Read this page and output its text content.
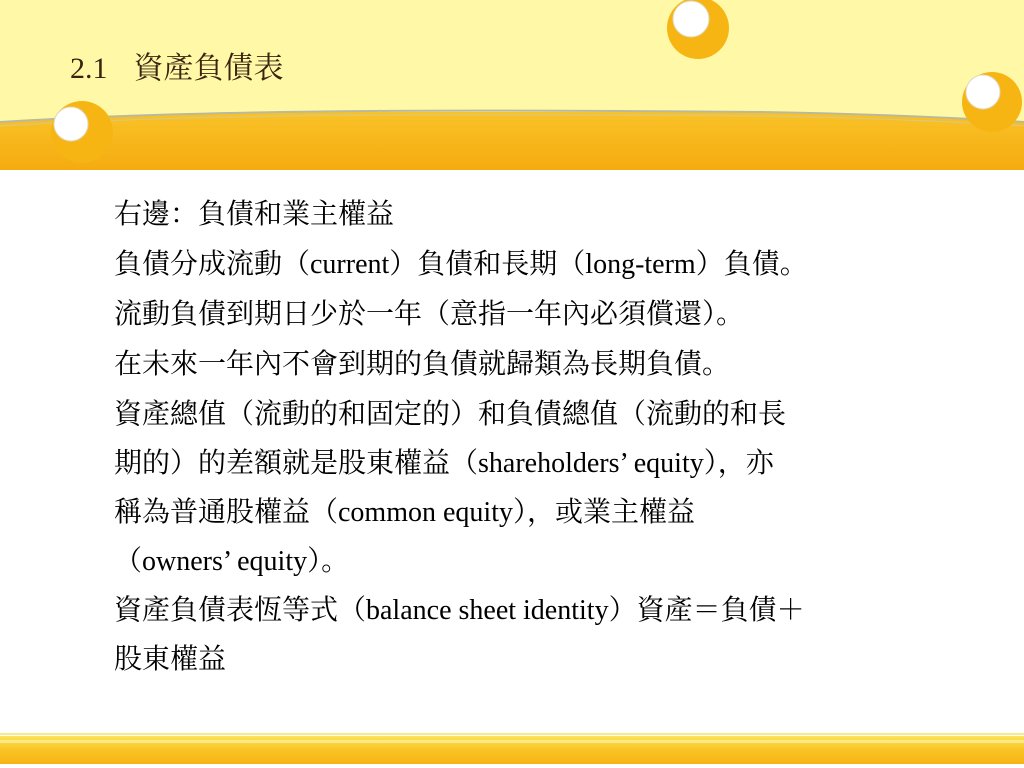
2.1 資產負債表
右邊：負債和業主權益
負債分成流動（current）負債和長期（long-term）負債。
流動負債到期日少於一年（意指一年內必須償還）。
在未來一年內不會到期的負債就歸類為長期負債。
資產總值（流動的和固定的）和負債總值（流動的和長
期的）的差額就是股東權益（shareholders’ equity），亦
稱為普通股權益（common equity），或業主權益
（owners’ equity）。
資產負債表恆等式（balance sheet identity）資產＝負債＋
股東權益
